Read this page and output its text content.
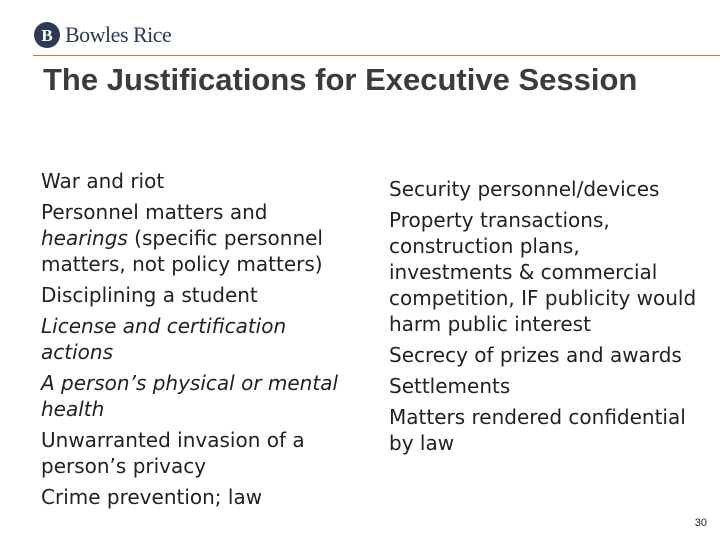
B Bowles Rice
The Justifications for Executive Session
War and riot
Personnel matters and
hearings (specific personnel matters, not policy matters)
Disciplining a student
License and certification actions
A person’s physical or mental health
Unwarranted invasion of a person’s privacy
Crime prevention; law
Security personnel/devices
Property transactions, construction plans, investments & commercial competition, IF publicity would harm public interest
Secrecy of prizes and awards
Settlements
Matters rendered confidential by law
30
